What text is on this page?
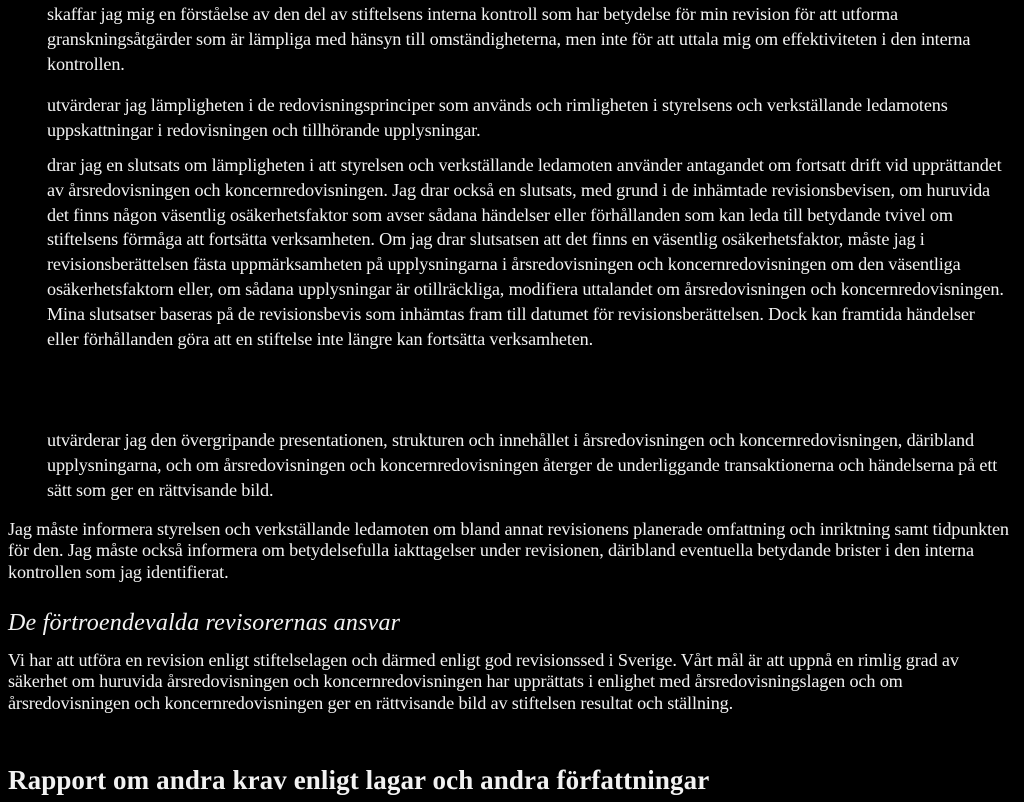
skaffar jag mig en förståelse av den del av stiftelsens interna kontroll som har betydelse för min revision för att utforma granskningsåtgärder som är lämpliga med hänsyn till omständigheterna, men inte för att uttala mig om effektiviteten i den interna kontrollen.

utvärderar jag lämpligheten i de redovisningsprinciper som används och rimligheten i styrelsens och verkställande ledamotens uppskattningar i redovisningen och tillhörande upplysningar.

drar jag en slutsats om lämpligheten i att styrelsen och verkställande ledamoten använder antagandet om fortsatt drift vid upprättandet av årsredovisningen och koncernredovisningen. Jag drar också en slutsats, med grund i de inhämtade revisionsbevisen, om huruvida det finns någon väsentlig osäkerhetsfaktor som avser sådana händelser eller förhållanden som kan leda till betydande tvivel om stiftelsens förmåga att fortsätta verksamheten. Om jag drar slutsatsen att det finns en väsentlig osäkerhetsfaktor, måste jag i revisionsberättelsen fästa uppmärksamheten på upplysningarna i årsredovisningen och koncernredovisningen om den väsentliga osäkerhetsfaktorn eller, om sådana upplysningar är otillräckliga, modifiera uttalandet om årsredovisningen och koncernredovisningen. Mina slutsatser baseras på de revisionsbevis som inhämtas fram till datumet för revisionsberättelsen. Dock kan framtida händelser eller förhållanden göra att en stiftelse inte längre kan fortsätta verksamheten.

utvärderar jag den övergripande presentationen, strukturen och innehållet i årsredovisningen och koncernredovisningen, däribland upplysningarna, och om årsredovisningen och koncernredovisningen återger de underliggande transaktionerna och händelserna på ett sätt som ger en rättvisande bild.

Jag måste informera styrelsen och verkställande ledamoten om bland annat revisionens planerade omfattning och inriktning samt tidpunkten för den. Jag måste också informera om betydelsefulla iakttagelser under revisionen, däribland eventuella betydande brister i den interna kontrollen som jag identifierat.

De förtroendevalda revisorernas ansvar

Vi har att utföra en revision enligt stiftelselagen och därmed enligt god revisionssed i Sverige. Vårt mål är att uppnå en rimlig grad av säkerhet om huruvida årsredovisningen och koncernredovisningen har upprättats i enlighet med årsredovisningslagen och om årsredovisningen och koncernredovisningen ger en rättvisande bild av stiftelsen resultat och ställning.

Rapport om andra krav enligt lagar och andra författningar
